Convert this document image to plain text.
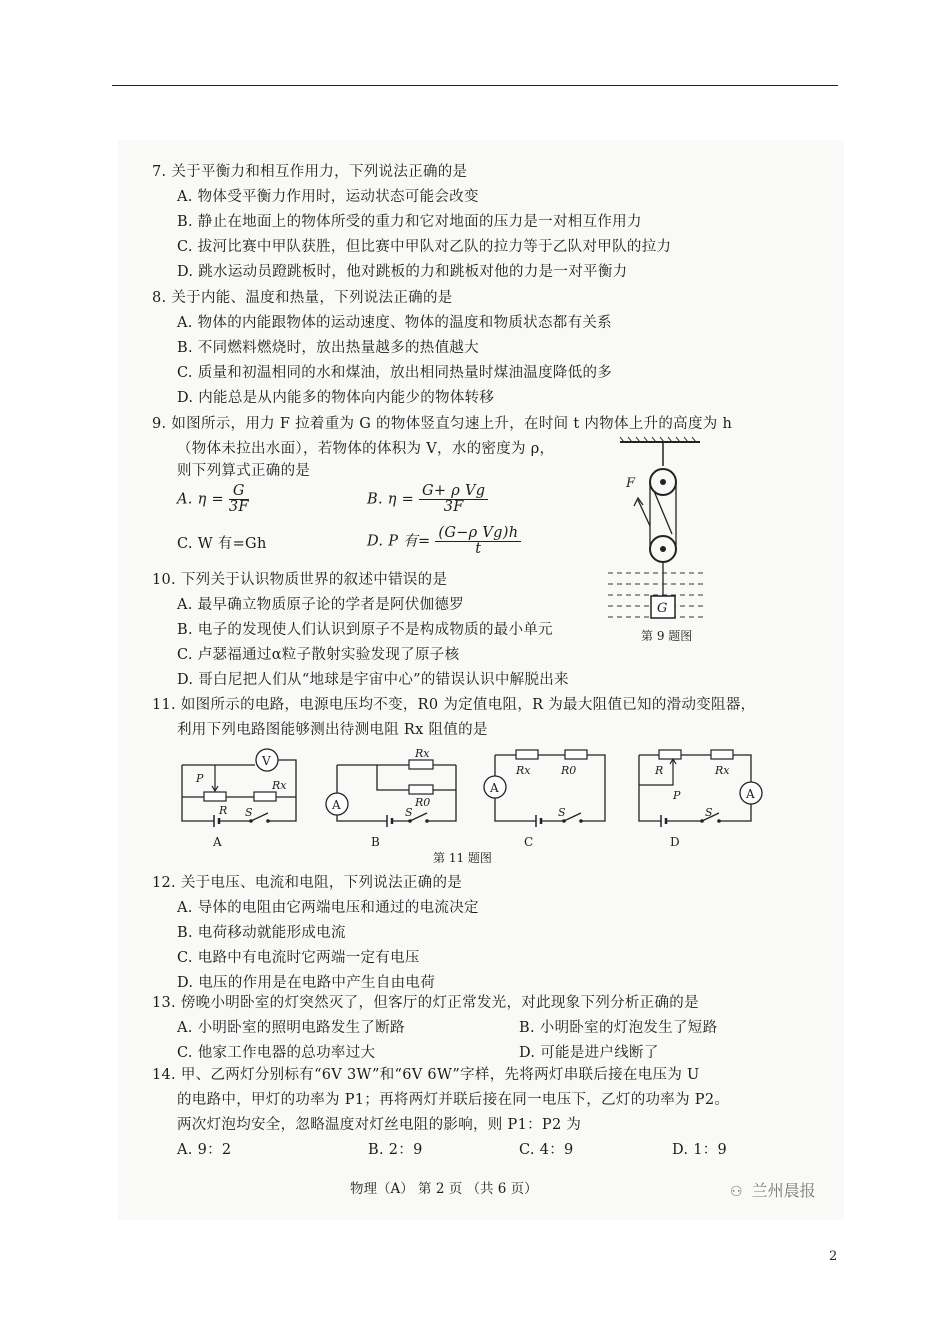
7. 关于平衡力和相互作用力，下列说法正确的是
A. 物体受平衡力作用时，运动状态可能会改变
B. 静止在地面上的物体所受的重力和它对地面的压力是一对相互作用力
C. 拔河比赛中甲队获胜，但比赛中甲队对乙队的拉力等于乙队对甲队的拉力
D. 跳水运动员蹬跳板时，他对跳板的力和跳板对他的力是一对平衡力
8. 关于内能、温度和热量，下列说法正确的是
A. 物体的内能跟物体的运动速度、物体的温度和物质状态都有关系
B. 不同燃料燃烧时，放出热量越多的热值越大
C. 质量和初温相同的水和煤油，放出相同热量时煤油温度降低的多
D. 内能总是从内能多的物体向内能少的物体转移
9. 如图所示，用力 F 拉着重为 G 的物体竖直匀速上升，在时间 t 内物体上升的高度为 h
（物体未拉出水面），若物体的体积为 V，水的密度为 ρ，
则下列算式正确的是
A. $\eta = \frac{G}{3F}$	B. $\eta = \frac{\text{G+ ρ Vg}}{3F}$
C. W 有=Gh	D. P 有= $\frac{\text{(G−ρ Vg)h}}{t}$
F
G
第 9 题图
10. 下列关于认识物质世界的叙述中错误的是
A. 最早确立物质原子论的学者是阿伏伽德罗
B. 电子的发现使人们认识到原子不是构成物质的最小单元
C. 卢瑟福通过α粒子散射实验发现了原子核
D. 哥白尼把人们从“地球是宇宙中心”的错误认识中解脱出来
11. 如图所示的电路，电源电压均不变，R0 为定值电阻，R 为最大阻值已知的滑动变阻器，
利用下列电路图能够测出待测电阻 Rx 阻值的是
V
P
R
Rx
S
A
A
Rx
R0
S
B
A
Rx	R0
S
C
A
R
P
Rx
S
D
第 11 题图
12. 关于电压、电流和电阻，下列说法正确的是
A. 导体的电阻由它两端电压和通过的电流决定
B. 电荷移动就能形成电流
C. 电路中有电流时它两端一定有电压
D. 电压的作用是在电路中产生自由电荷
13. 傍晚小明卧室的灯突然灭了，但客厅的灯正常发光，对此现象下列分析正确的是
A. 小明卧室的照明电路发生了断路	B. 小明卧室的灯泡发生了短路
C. 他家工作电器的总功率过大	D. 可能是进户线断了
14. 甲、乙两灯分别标有“6V 3W”和“6V 6W”字样，先将两灯串联后接在电压为 U
的电路中，甲灯的功率为 P1；再将两灯并联后接在同一电压下，乙灯的功率为 P2。
两次灯泡均安全，忽略温度对灯丝电阻的影响，则 P1：P2 为
A. 9：2	B. 2：9	C. 4：9	D. 1：9
物理（A） 第 2 页 （共 6 页）	⚇ 兰州晨报
2
